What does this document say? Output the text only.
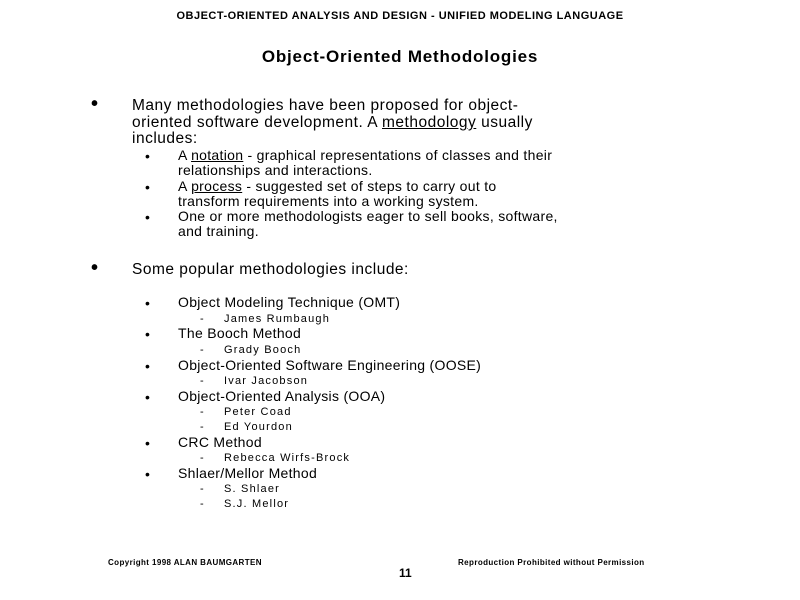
OBJECT-ORIENTED ANALYSIS AND DESIGN - UNIFIED MODELING LANGUAGE
Object-Oriented Methodologies
• Many methodologies have been proposed for object-
oriented software development. A methodology usually
includes:
• A notation - graphical representations of classes and their
relationships and interactions.
• A process - suggested set of steps to carry out to
transform requirements into a working system.
• One or more methodologists eager to sell books, software,
and training.
• Some popular methodologies include:
• Object Modeling Technique (OMT)
- James Rumbaugh
• The Booch Method
- Grady Booch
• Object-Oriented Software Engineering (OOSE)
- Ivar Jacobson
• Object-Oriented Analysis (OOA)
- Peter Coad
- Ed Yourdon
• CRC Method
- Rebecca Wirfs-Brock
• Shlaer/Mellor Method
- S. Shlaer
- S.J. Mellor
Copyright 1998 ALAN BAUMGARTEN	Reproduction Prohibited without Permission
11
